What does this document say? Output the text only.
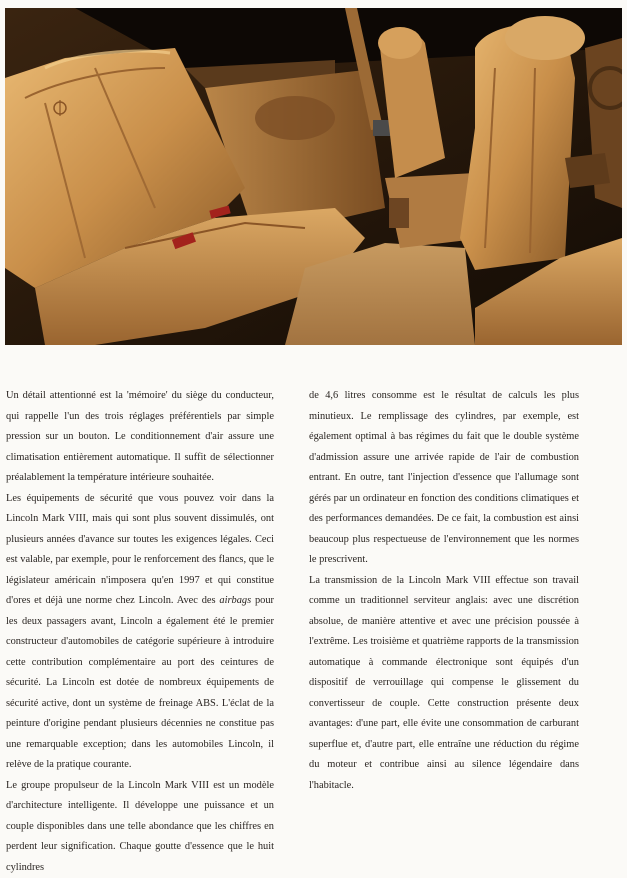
Un détail attentionné est la 'mémoire' du siège du conducteur, qui rappelle l'un des trois réglages préférentiels par simple pression sur un bouton. Le conditionnement d'air assure une climatisation entièrement automatique. Il suffit de sélectionner préalablement la température intérieure souhaitée.

Les équipements de sécurité que vous pouvez voir dans la Lincoln Mark VIII, mais qui sont plus souvent dissimulés, ont plusieurs années d'avance sur toutes les exigences légales. Ceci est valable, par exemple, pour le renforcement des flancs, que le législateur américain n'imposera qu'en 1997 et qui constitue d'ores et déjà une norme chez Lincoln. Avec des airbags pour les deux passagers avant, Lincoln a également été le premier constructeur d'automobiles de catégorie supérieure à introduire cette contribution complémentaire au port des ceintures de sécurité. La Lincoln est dotée de nombreux équipements de sécurité active, dont un système de freinage ABS. L'éclat de la peinture d'origine pendant plusieurs décennies ne constitue pas une remarquable exception; dans les automobiles Lincoln, il relève de la pratique courante.

Le groupe propulseur de la Lincoln Mark VIII est un modèle d'architecture intelligente. Il développe une puissance et un couple disponibles dans une telle abondance que les chiffres en perdent leur signification. Chaque goutte d'essence que le huit cylindres

de 4,6 litres consomme est le résultat de calculs les plus minutieux. Le remplissage des cylindres, par exemple, est également optimal à bas régimes du fait que le double système d'admission assure une arrivée rapide de l'air de combustion entrant. En outre, tant l'injection d'essence que l'allumage sont gérés par un ordinateur en fonction des conditions climatiques et des performances demandées. De ce fait, la combustion est ainsi beaucoup plus respectueuse de l'environnement que les normes le prescrivent.

La transmission de la Lincoln Mark VIII effectue son travail comme un traditionnel serviteur anglais: avec une discrétion absolue, de manière attentive et avec une précision poussée à l'extrême. Les troisième et quatrième rapports de la transmission automatique à commande électronique sont équipés d'un dispositif de verrouillage qui compense le glissement du convertisseur de couple. Cette construction présente deux avantages: d'une part, elle évite une consommation de carburant superflue et, d'autre part, elle entraîne une réduction du régime du moteur et contribue ainsi au silence légendaire dans l'habitacle.
